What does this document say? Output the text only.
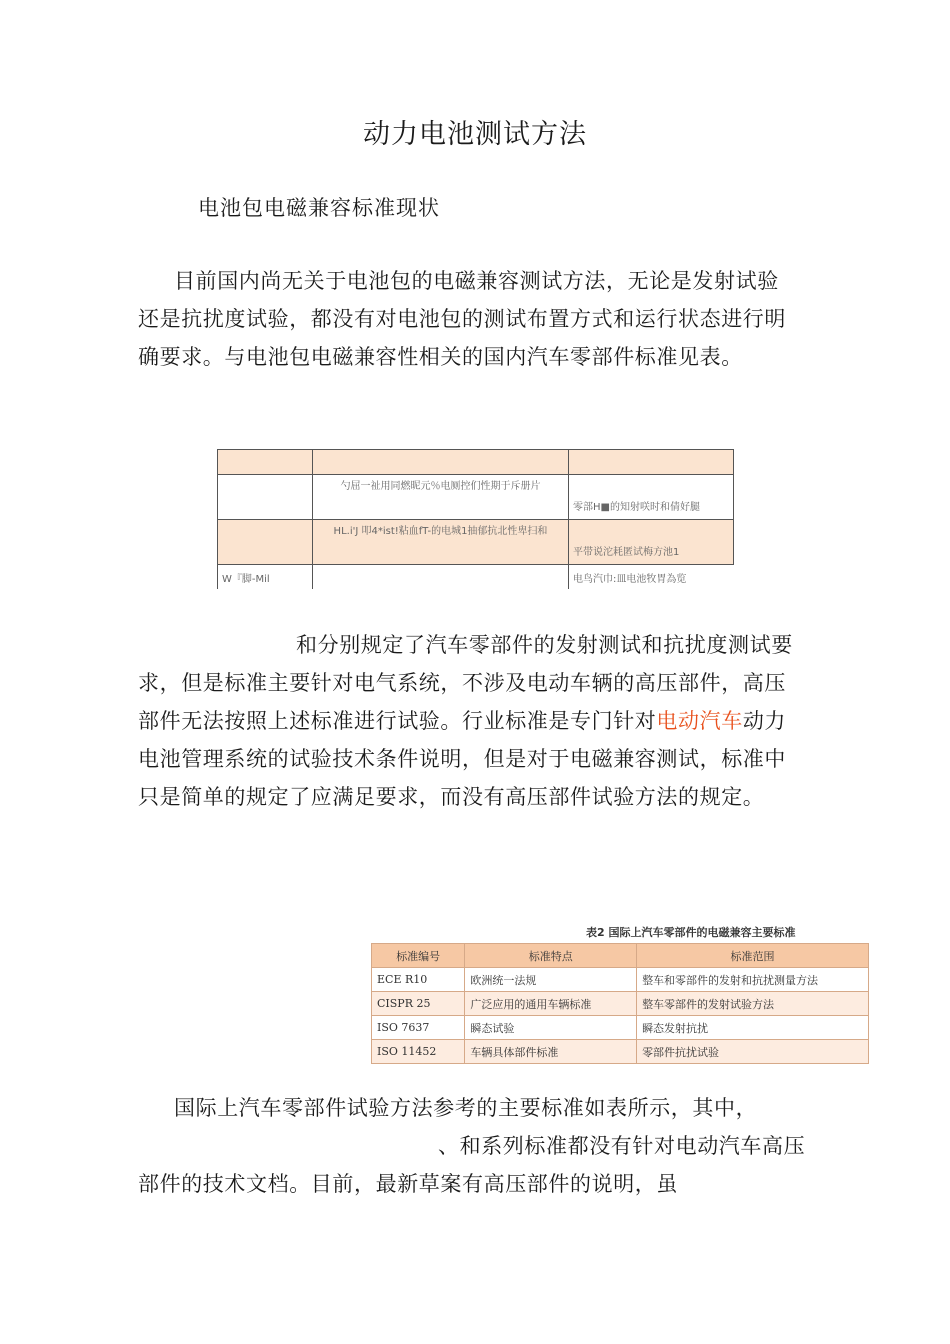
动力电池测试方法
电池包电磁兼容标准现状
目前国内尚无关于电池包的电磁兼容测试方法，无论是发射试验
还是抗扰度试验，都没有对电池包的测试布置方式和运行状态进行明
确要求。与电池包电磁兼容性相关的国内汽车零部件标准见表。

	勺屈一祉用同燃昵元％电厕控们性期于斥册片	零部H■的知射咲时和倩好腿
	HL.i'J 叩4*ist!粘血fT-的电城1抽郁抗北性卑扫和	平带说沱耗匿试梅方池1
W『脚-Mil		电鸟汽巾:皿电池牧胃為览
和分别规定了汽车零部件的发射测试和抗扰度测试要
求，但是标准主要针对电气系统，不涉及电动车辆的高压部件，高压
部件无法按照上述标准进行试验。行业标准是专门针对电动汽车动力
电池管理系统的试验技术条件说明，但是对于电磁兼容测试，标准中
只是简单的规定了应满足要求，而没有高压部件试验方法的规定。
表2 国际上汽车零部件的电磁兼容主要标准
标准编号	标准特点	标准范围
ECE R10	欧洲统一法规	整车和零部件的发射和抗扰测量方法
CISPR 25	广泛应用的通用车辆标准	整车零部件的发射试验方法
ISO 7637	瞬态试验	瞬态发射抗扰
ISO 11452	车辆具体部件标准	零部件抗扰试验
国际上汽车零部件试验方法参考的主要标准如表所示，其中，
、和系列标准都没有针对电动汽车高压
部件的技术文档。目前，最新草案有高压部件的说明，虽
